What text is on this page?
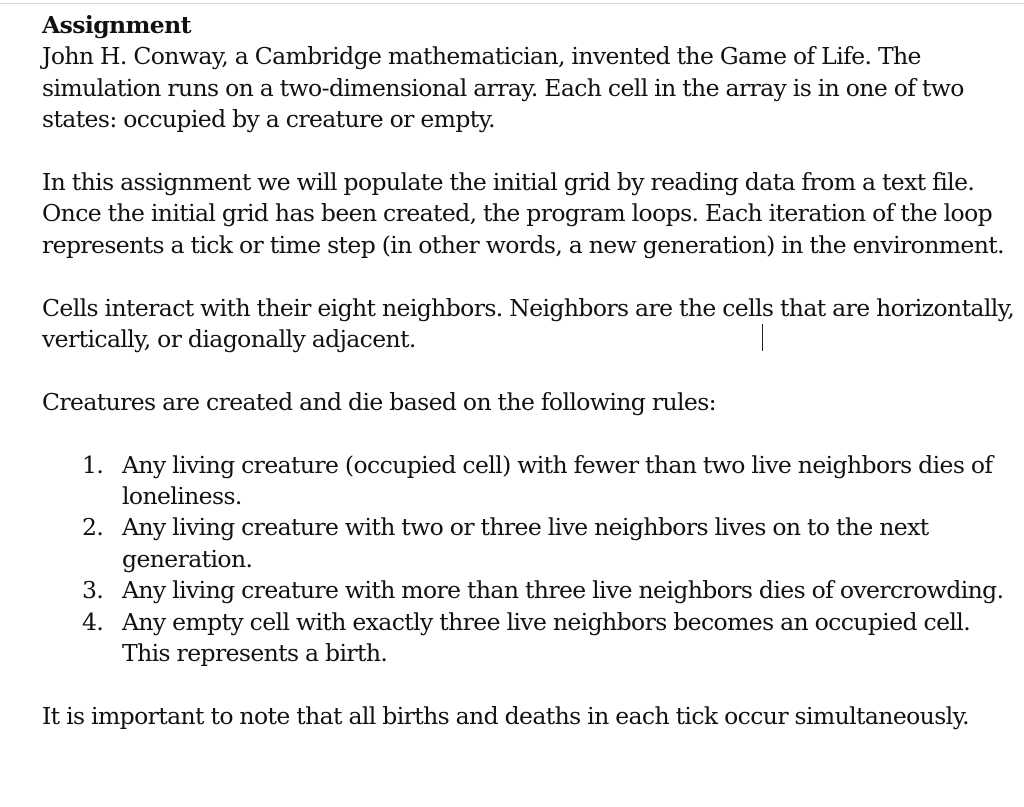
Assignment

John H. Conway, a Cambridge mathematician, invented the Game of Life. The simulation runs on a two-dimensional array. Each cell in the array is in one of two states: occupied by a creature or empty.

In this assignment we will populate the initial grid by reading data from a text file. Once the initial grid has been created, the program loops. Each iteration of the loop represents a tick or time step (in other words, a new generation) in the environment.

Cells interact with their eight neighbors. Neighbors are the cells that are horizontally, vertically, or diagonally adjacent.

Creatures are created and die based on the following rules:

1. Any living creature (occupied cell) with fewer than two live neighbors dies of loneliness.
2. Any living creature with two or three live neighbors lives on to the next generation.
3. Any living creature with more than three live neighbors dies of overcrowding.
4. Any empty cell with exactly three live neighbors becomes an occupied cell. This represents a birth.

It is important to note that all births and deaths in each tick occur simultaneously.
